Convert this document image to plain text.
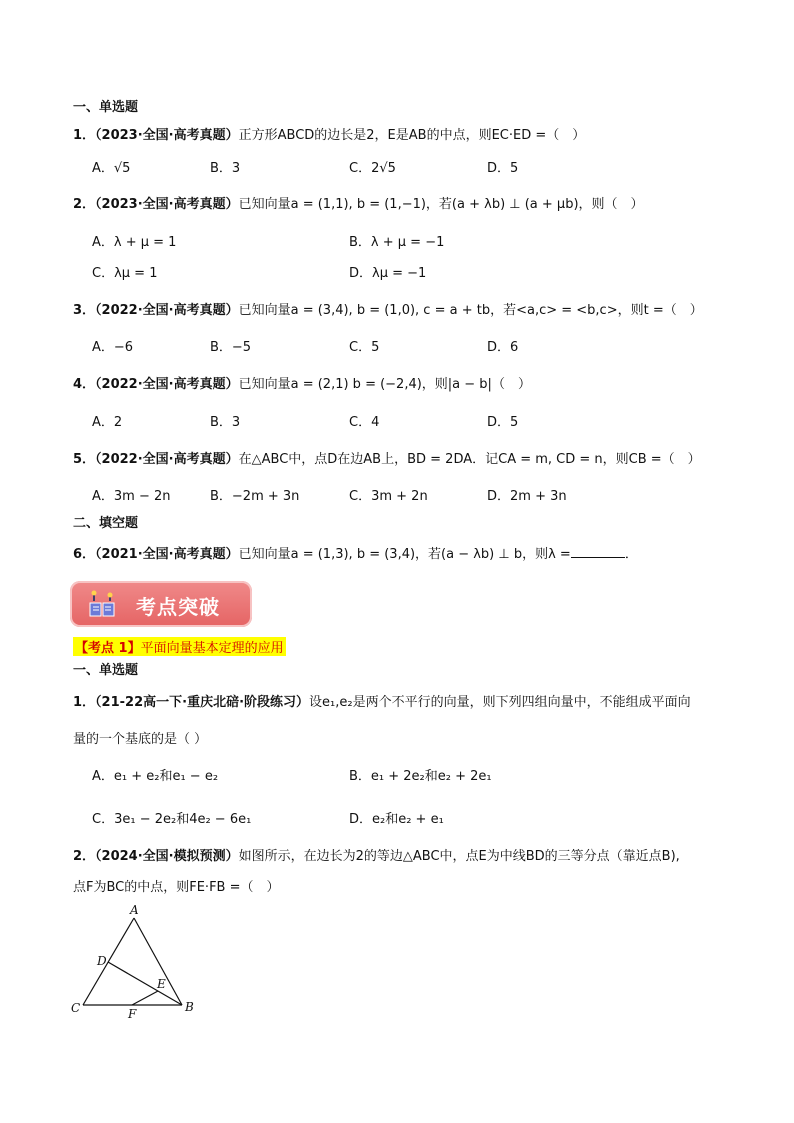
一、单选题
1．（2023·全国·高考真题）正方形ABCD的边长是2，E是AB的中点，则EC·ED =（　）
A．√5	B．3	C．2√5	D．5
2．（2023·全国·高考真题）已知向量a = (1,1), b = (1,−1)，若(a + λb) ⊥ (a + μb)，则（　）
A．λ + μ = 1	B．λ + μ = −1
C．λμ = 1	D．λμ = −1
3．（2022·全国·高考真题）已知向量a = (3,4), b = (1,0), c = a + tb，若<a,c> = <b,c>，则t =（　）
A．−6	B．−5	C．5	D．6
4．（2022·全国·高考真题）已知向量a = (2,1) b = (−2,4)，则|a − b|（　）
A．2	B．3	C．4	D．5
5．（2022·全国·高考真题）在△ABC中，点D在边AB上，BD = 2DA．记CA = m, CD = n，则CB =（　）
A．3m − 2n	B．−2m + 3n	C．3m + 2n	D．2m + 3n
二、填空题
6．（2021·全国·高考真题）已知向量a = (1,3), b = (3,4)，若(a − λb) ⊥ b，则λ =	．
考点突破
【考点 1】平面向量基本定理的应用
一、单选题
1．（21-22高一下·重庆北碚·阶段练习）设e₁,e₂是两个不平行的向量，则下列四组向量中，不能组成平面向
量的一个基底的是（ ）
A．e₁ + e₂和e₁ − e₂	B．e₁ + 2e₂和e₂ + 2e₁
C．3e₁ − 2e₂和4e₂ − 6e₁	D．e₂和e₂ + e₁
2．（2024·全国·模拟预测）如图所示，在边长为2的等边△ABC中，点E为中线BD的三等分点（靠近点B),
点F为BC的中点，则FE·FB =（　）
A
D
E
C	F	B
